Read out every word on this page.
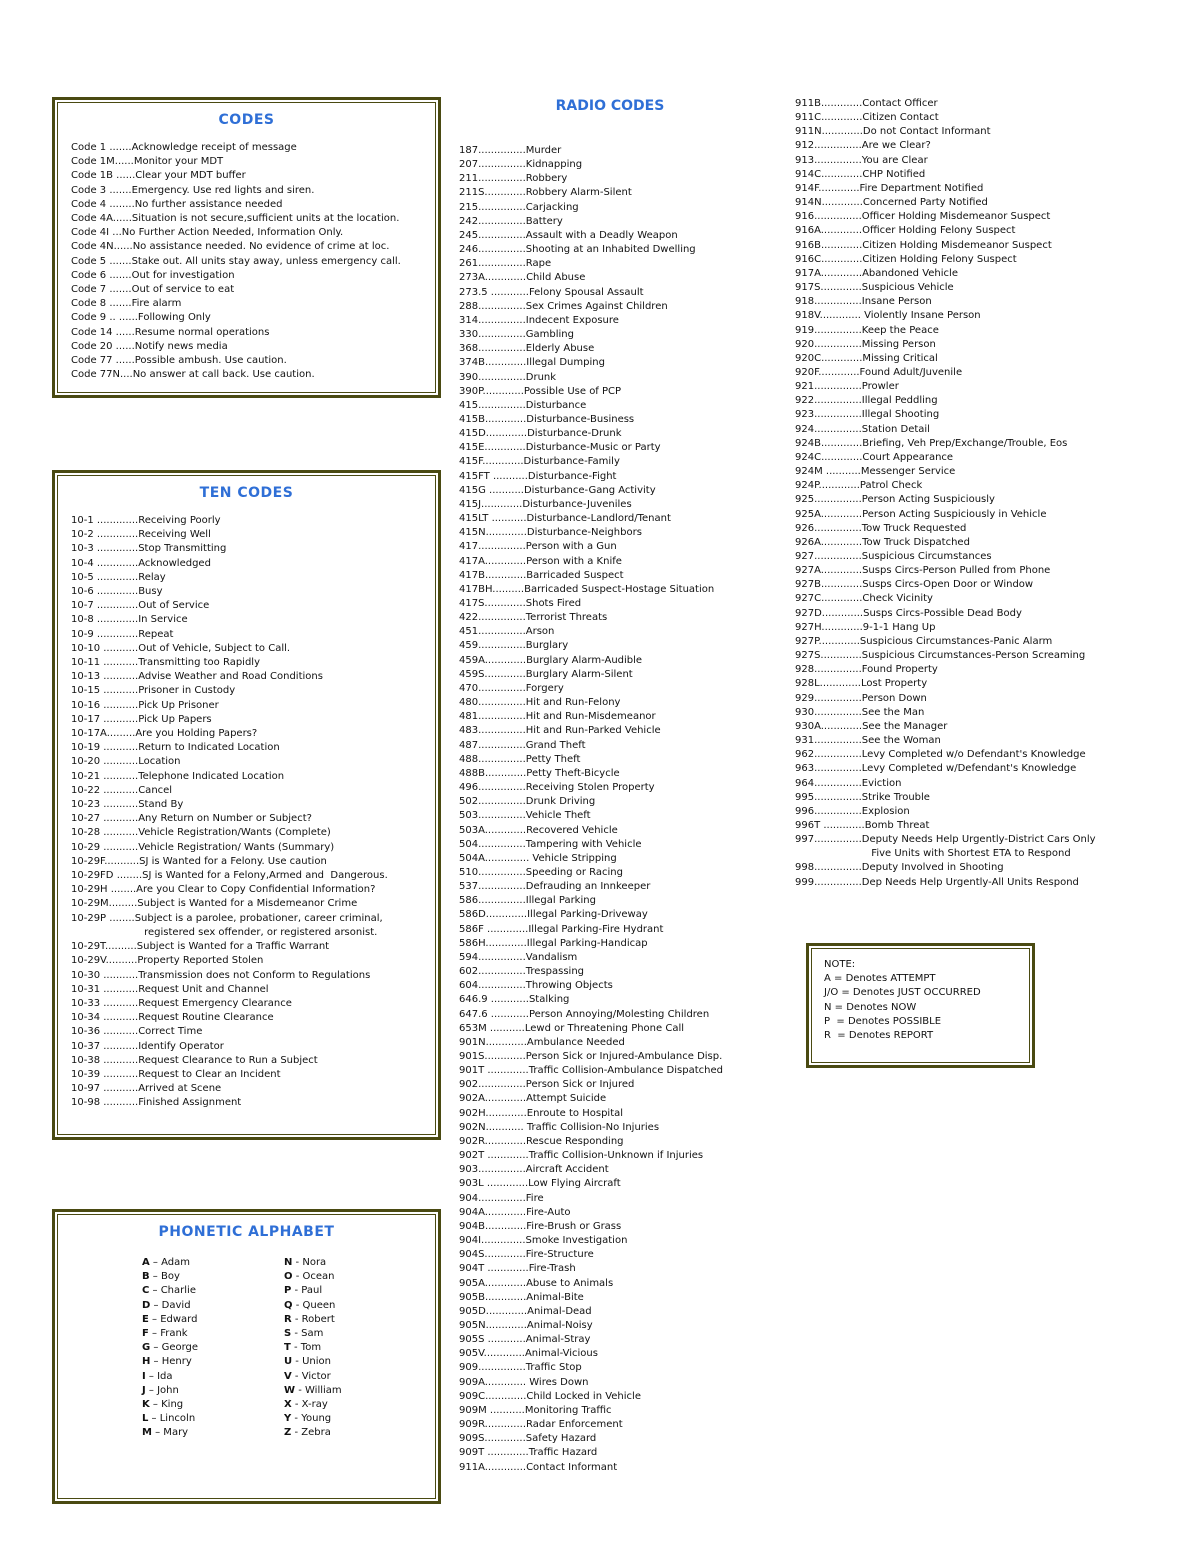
CODES
Code 1 .......Acknowledge receipt of message
Code 1M......Monitor your MDT
Code 1B ......Clear your MDT buffer
Code 3 .......Emergency. Use red lights and siren.
Code 4 ........No further assistance needed
Code 4A......Situation is not secure,sufficient units at the location.
Code 4I ...No Further Action Needed, Information Only.
Code 4N......No assistance needed. No evidence of crime at loc.
Code 5 .......Stake out. All units stay away, unless emergency call.
Code 6 .......Out for investigation
Code 7 .......Out of service to eat
Code 8 .......Fire alarm
Code 9 .. ......Following Only
Code 14 ......Resume normal operations
Code 20 ......Notify news media
Code 77 ......Possible ambush. Use caution.
Code 77N....No answer at call back. Use caution.
TEN CODES
10-1 .............Receiving Poorly
10-2 .............Receiving Well
10-3 .............Stop Transmitting
10-4 .............Acknowledged
10-5 .............Relay
10-6 .............Busy
10-7 .............Out of Service
10-8 .............In Service
10-9 .............Repeat
10-10 ...........Out of Vehicle, Subject to Call.
10-11 ...........Transmitting too Rapidly
10-13 ...........Advise Weather and Road Conditions
10-15 ...........Prisoner in Custody
10-16 ...........Pick Up Prisoner
10-17 ...........Pick Up Papers
10-17A.........Are you Holding Papers?
10-19 ...........Return to Indicated Location
10-20 ...........Location
10-21 ...........Telephone Indicated Location
10-22 ...........Cancel
10-23 ...........Stand By
10-27 ...........Any Return on Number or Subject?
10-28 ...........Vehicle Registration/Wants (Complete)
10-29 ...........Vehicle Registration/ Wants (Summary)
10-29F...........SJ is Wanted for a Felony. Use caution
10-29FD ........SJ is Wanted for a Felony,Armed and  Dangerous.
10-29H ........Are you Clear to Copy Confidential Information?
10-29M.........Subject is Wanted for a Misdemeanor Crime
10-29P ........Subject is a parolee, probationer, career criminal,
registered sex offender, or registered arsonist.
10-29T..........Subject is Wanted for a Traffic Warrant
10-29V..........Property Reported Stolen
10-30 ...........Transmission does not Conform to Regulations
10-31 ...........Request Unit and Channel
10-33 ...........Request Emergency Clearance
10-34 ...........Request Routine Clearance
10-36 ...........Correct Time
10-37 ...........Identify Operator
10-38 ...........Request Clearance to Run a Subject
10-39 ...........Request to Clear an Incident
10-97 ...........Arrived at Scene
10-98 ...........Finished Assignment
PHONETIC ALPHABET
A – Adam
B – Boy
C – Charlie
D – David
E – Edward
F – Frank
G – George
H – Henry
I – Ida
J – John
K – King
L – Lincoln
M – Mary
N - Nora
O - Ocean
P - Paul
Q - Queen
R - Robert
S - Sam
T - Tom
U - Union
V - Victor
W - William
X - X-ray
Y - Young
Z - Zebra
RADIO CODES
187...............Murder
207...............Kidnapping
211...............Robbery
211S.............Robbery Alarm-Silent
215...............Carjacking
242...............Battery
245...............Assault with a Deadly Weapon
246...............Shooting at an Inhabited Dwelling
261...............Rape
273A.............Child Abuse
273.5 ............Felony Spousal Assault
288...............Sex Crimes Against Children
314...............Indecent Exposure
330...............Gambling
368...............Elderly Abuse
374B.............Illegal Dumping
390...............Drunk
390P.............Possible Use of PCP
415...............Disturbance
415B.............Disturbance-Business
415D.............Disturbance-Drunk
415E.............Disturbance-Music or Party
415F.............Disturbance-Family
415FT ...........Disturbance-Fight
415G ...........Disturbance-Gang Activity
415J.............Disturbance-Juveniles
415LT ...........Disturbance-Landlord/Tenant
415N.............Disturbance-Neighbors
417...............Person with a Gun
417A.............Person with a Knife
417B.............Barricaded Suspect
417BH..........Barricaded Suspect-Hostage Situation
417S.............Shots Fired
422...............Terrorist Threats
451...............Arson
459...............Burglary
459A.............Burglary Alarm-Audible
459S.............Burglary Alarm-Silent
470...............Forgery
480...............Hit and Run-Felony
481...............Hit and Run-Misdemeanor
483...............Hit and Run-Parked Vehicle
487...............Grand Theft
488...............Petty Theft
488B.............Petty Theft-Bicycle
496...............Receiving Stolen Property
502...............Drunk Driving
503...............Vehicle Theft
503A.............Recovered Vehicle
504...............Tampering with Vehicle
504A.............. Vehicle Stripping
510...............Speeding or Racing
537...............Defrauding an Innkeeper
586...............Illegal Parking
586D.............Illegal Parking-Driveway
586F .............Illegal Parking-Fire Hydrant
586H.............Illegal Parking-Handicap
594...............Vandalism
602...............Trespassing
604...............Throwing Objects
646.9 ............Stalking
647.6 ............Person Annoying/Molesting Children
653M ...........Lewd or Threatening Phone Call
901N.............Ambulance Needed
901S.............Person Sick or Injured-Ambulance Disp.
901T .............Traffic Collision-Ambulance Dispatched
902...............Person Sick or Injured
902A.............Attempt Suicide
902H.............Enroute to Hospital
902N............ Traffic Collision-No Injuries
902R.............Rescue Responding
902T .............Traffic Collision-Unknown if Injuries
903...............Aircraft Accident
903L .............Low Flying Aircraft
904...............Fire
904A.............Fire-Auto
904B.............Fire-Brush or Grass
904I..............Smoke Investigation
904S.............Fire-Structure
904T .............Fire-Trash
905A.............Abuse to Animals
905B.............Animal-Bite
905D.............Animal-Dead
905N.............Animal-Noisy
905S ............Animal-Stray
905V.............Animal-Vicious
909...............Traffic Stop
909A............. Wires Down
909C.............Child Locked in Vehicle
909M ...........Monitoring Traffic
909R.............Radar Enforcement
909S.............Safety Hazard
909T .............Traffic Hazard
911A.............Contact Informant
911B.............Contact Officer
911C.............Citizen Contact
911N.............Do not Contact Informant
912...............Are we Clear?
913...............You are Clear
914C.............CHP Notified
914F.............Fire Department Notified
914N.............Concerned Party Notified
916...............Officer Holding Misdemeanor Suspect
916A.............Officer Holding Felony Suspect
916B.............Citizen Holding Misdemeanor Suspect
916C.............Citizen Holding Felony Suspect
917A.............Abandoned Vehicle
917S.............Suspicious Vehicle
918...............Insane Person
918V............. Violently Insane Person
919...............Keep the Peace
920...............Missing Person
920C.............Missing Critical
920F.............Found Adult/Juvenile
921...............Prowler
922...............Illegal Peddling
923...............Illegal Shooting
924...............Station Detail
924B.............Briefing, Veh Prep/Exchange/Trouble, Eos
924C.............Court Appearance
924M ...........Messenger Service
924P.............Patrol Check
925...............Person Acting Suspiciously
925A.............Person Acting Suspiciously in Vehicle
926...............Tow Truck Requested
926A.............Tow Truck Dispatched
927...............Suspicious Circumstances
927A.............Susps Circs-Person Pulled from Phone
927B.............Susps Circs-Open Door or Window
927C.............Check Vicinity
927D.............Susps Circs-Possible Dead Body
927H.............9-1-1 Hang Up
927P.............Suspicious Circumstances-Panic Alarm
927S.............Suspicious Circumstances-Person Screaming
928...............Found Property
928L.............Lost Property
929...............Person Down
930...............See the Man
930A.............See the Manager
931...............See the Woman
962...............Levy Completed w/o Defendant's Knowledge
963...............Levy Completed w/Defendant's Knowledge
964...............Eviction
995...............Strike Trouble
996...............Explosion
996T .............Bomb Threat
997...............Deputy Needs Help Urgently-District Cars Only
Five Units with Shortest ETA to Respond
998...............Deputy Involved in Shooting
999...............Dep Needs Help Urgently-All Units Respond
NOTE:
A = Denotes ATTEMPT
J/O = Denotes JUST OCCURRED
N = Denotes NOW
P  = Denotes POSSIBLE
R  = Denotes REPORT
